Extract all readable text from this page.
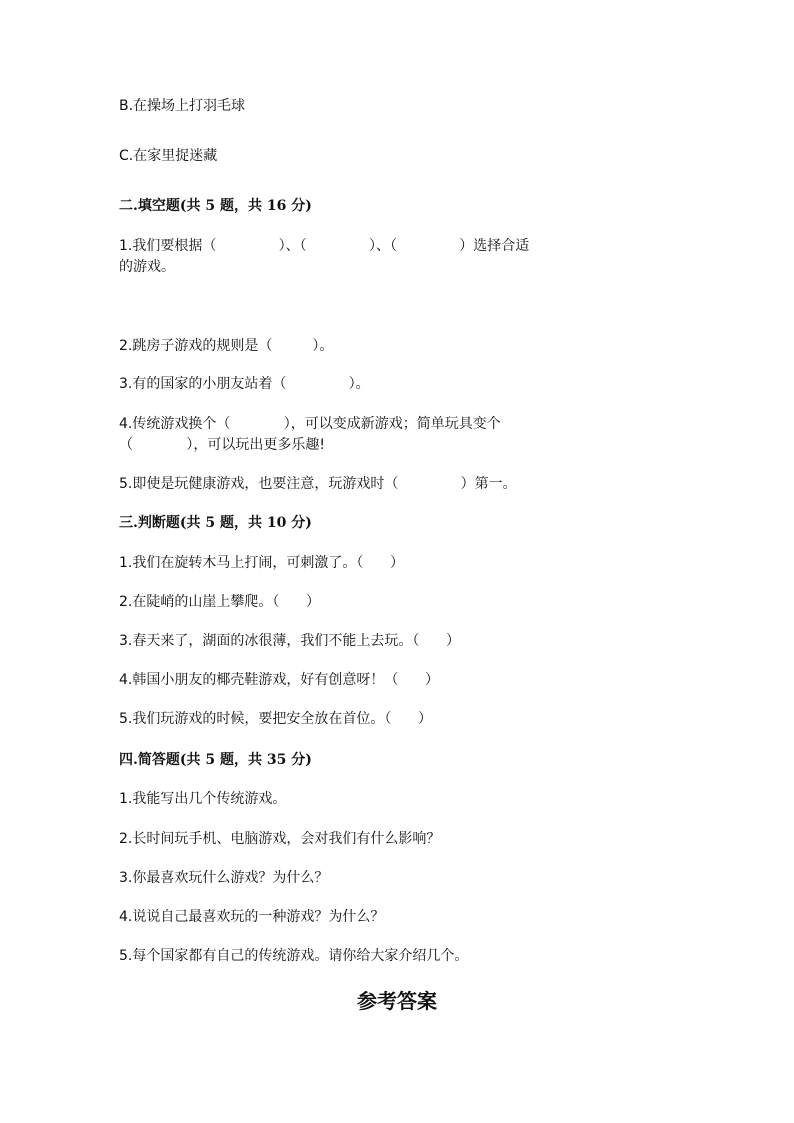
B.在操场上打羽毛球
C.在家里捉迷藏
二.填空题(共 5 题，共 16 分)
1.我们要根据（              ）、（              ）、（              ）选择合适
的游戏。
2.跳房子游戏的规则是（         ）。
3.有的国家的小朋友站着（              ）。
4.传统游戏换个（            ），可以变成新游戏；简单玩具变个
（            ），可以玩出更多乐趣!
5.即使是玩健康游戏，也要注意，玩游戏时（              ）第一。
三.判断题(共 5 题，共 10 分)
1.我们在旋转木马上打闹，可刺激了。（      ）
2.在陡峭的山崖上攀爬。（      ）
3.春天来了，湖面的冰很薄，我们不能上去玩。（      ）
4.韩国小朋友的椰壳鞋游戏，好有创意呀！（      ）
5.我们玩游戏的时候，要把安全放在首位。（      ）
四.简答题(共 5 题，共 35 分)
1.我能写出几个传统游戏。
2.长时间玩手机、电脑游戏，会对我们有什么影响？
3.你最喜欢玩什么游戏？为什么？
4.说说自己最喜欢玩的一种游戏？为什么？
5.每个国家都有自己的传统游戏。请你给大家介绍几个。
参考答案
